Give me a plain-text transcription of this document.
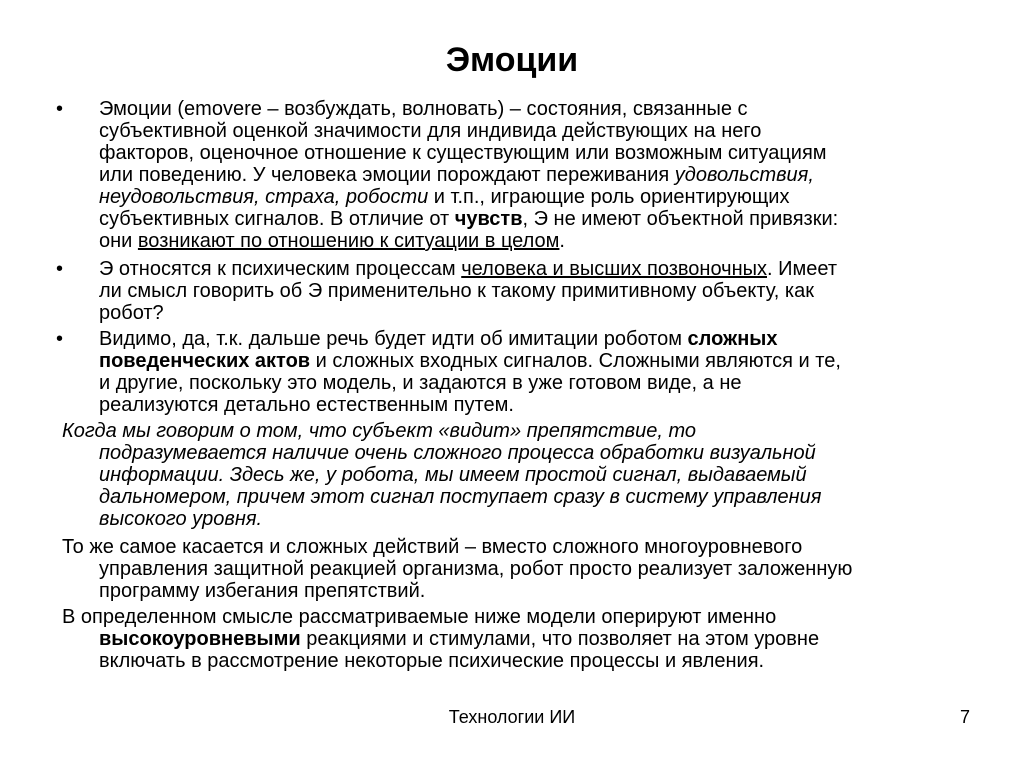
Эмоции
• Эмоции (emovere – возбуждать, волновать) – состояния, связанные с
субъективной оценкой значимости для индивида действующих на него
факторов, оценочное отношение к существующим или возможным ситуациям
или поведению. У человека эмоции порождают переживания удовольствия,
неудовольствия, страха, робости и т.п., играющие роль ориентирующих
субъективных сигналов. В отличие от чувств, Э не имеют объектной привязки:
они возникают по отношению к ситуации в целом.
• Э относятся к психическим процессам человека и высших позвоночных. Имеет
ли смысл говорить об Э применительно к такому примитивному объекту, как
робот?
• Видимо, да, т.к. дальше речь будет идти об имитации роботом сложных
поведенческих актов и сложных входных сигналов. Сложными являются и те,
и другие, поскольку это модель, и задаются в уже готовом виде, а не
реализуются детально естественным путем.
Когда мы говорим о том, что субъект «видит» препятствие, то
подразумевается наличие очень сложного процесса обработки визуальной
информации. Здесь же, у робота, мы имеем простой сигнал, выдаваемый
дальномером, причем этот сигнал поступает сразу в систему управления
высокого уровня.
То же самое касается и сложных действий – вместо сложного многоуровневого
управления защитной реакцией организма, робот просто реализует заложенную
программу избегания препятствий.
В определенном смысле рассматриваемые ниже модели оперируют именно
высокоуровневыми реакциями и стимулами, что позволяет на этом уровне
включать в рассмотрение некоторые психические процессы и явления.
Технологии ИИ	7
